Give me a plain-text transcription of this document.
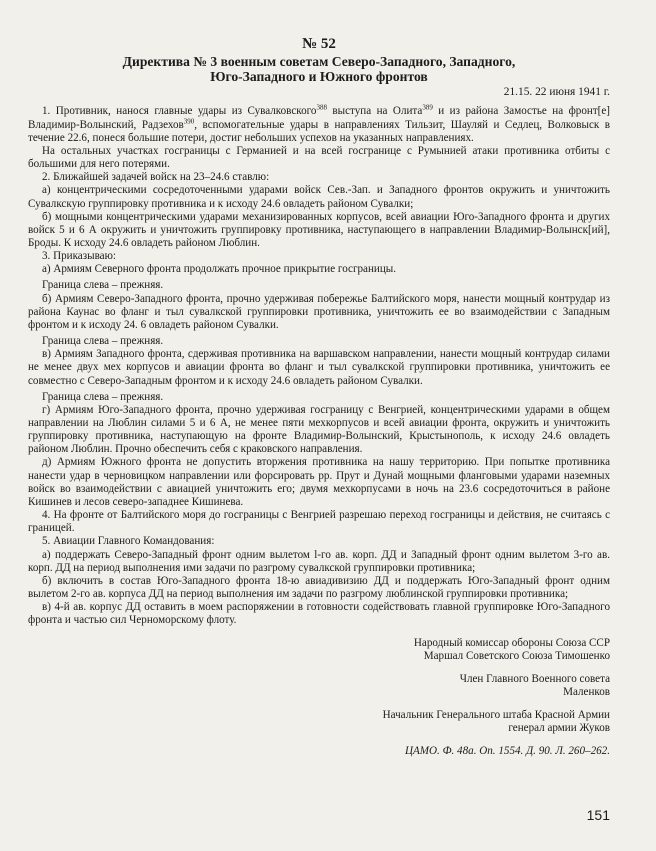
№ 52
Директива № 3 военным советам Северо-Западного, Западного,
Юго-Западного и Южного фронтов
21.15. 22 июня 1941 г.

1. Противник, нанося главные удары из Сувалковского$^{388}$ выступа на Олита$^{389}$ и из района Замостье на фронт[е] Владимир-Волынский, Радзехов$^{390}$, вспомогательные удары в направлениях Тильзит, Шауляй и Седлец, Волковыск в течение 22.6, понеся большие потери, достиг небольших успехов на указанных направлениях.

На остальных участках госграницы с Германией и на всей госгранице с Румынией атаки противника отбиты с большими для него потерями.

2. Ближайшей задачей войск на 23–24.6 ставлю:

а) концентрическими сосредоточенными ударами войск Сев.-Зап. и Западного фронтов окружить и уничтожить Сувалкскую группировку противника и к исходу 24.6 овладеть районом Сувалки;

б) мощными концентрическими ударами механизированных корпусов, всей авиации Юго-Западного фронта и других войск 5 и 6 А окружить и уничтожить группировку противника, наступающего в направлении Владимир-Волынск[ий], Броды. К исходу 24.6 овладеть районом Люблин.

3. Приказываю:

а) Армиям Северного фронта продолжать прочное прикрытие госграницы.

Граница слева – прежняя.

б) Армиям Северо-Западного фронта, прочно удерживая побережье Балтийского моря, нанести мощный контрудар из района Каунас во фланг и тыл сувалкской группировки противника, уничтожить ее во взаимодействии с Западным фронтом и к исходу 24. 6 овладеть районом Сувалки.

Граница слева – прежняя.

в) Армиям Западного фронта, сдерживая противника на варшавском направлении, нанести мощный контрудар силами не менее двух мех корпусов и авиации фронта во фланг и тыл сувалкской группировки противника, уничтожить ее совместно с Северо-Западным фронтом и к исходу 24.6 овладеть районом Сувалки.

Граница слева – прежняя.

г) Армиям Юго-Западного фронта, прочно удерживая госграницу с Венгрией, концентрическими ударами в общем направлении на Люблин силами 5 и 6 А, не менее пяти мехкорпусов и всей авиации фронта, окружить и уничтожить группировку противника, наступающую на фронте Владимир-Волынский, Крыстынополь, к исходу 24.6 овладеть районом Люблин. Прочно обеспечить себя с краковского направления.

д) Армиям Южного фронта не допустить вторжения противника на нашу территорию. При попытке противника нанести удар в черновицком направлении или форсировать рр. Прут и Дунай мощными фланговыми ударами наземных войск во взаимодействии с авиацией уничтожить его; двумя мехкорпусами в ночь на 23.6 сосредоточиться в районе Кишинев и лесов северо-западнее Кишинева.

4. На фронте от Балтийского моря до госграницы с Венгрией разрешаю переход госграницы и действия, не считаясь с границей.

5. Авиации Главного Командования:

а) поддержать Северо-Западный фронт одним вылетом l-го ав. корп. ДД и Западный фронт одним вылетом 3-го ав. корп. ДД на период выполнения ими задачи по разгрому сувалкской группировки противника;

б) включить в состав Юго-Западного фронта 18-ю авиадивизию ДД и поддержать Юго-Западный фронт одним вылетом 2-го ав. корпуса ДД на период выполнения им задачи по разгрому люблинской группировки противника;

в) 4-й ав. корпус ДД оставить в моем распоряжении в готовности содействовать главной группировке Юго-Западного фронта и частью сил Черноморскому флоту.

Народный комиссар обороны Союза ССР
Маршал Советского Союза Тимошенко
Член Главного Военного совета
Маленков
Начальник Генерального штаба Красной Армии
генерал армии Жуков
ЦАМО. Ф. 48а. Оп. 1554. Д. 90. Л. 260–262.
151
